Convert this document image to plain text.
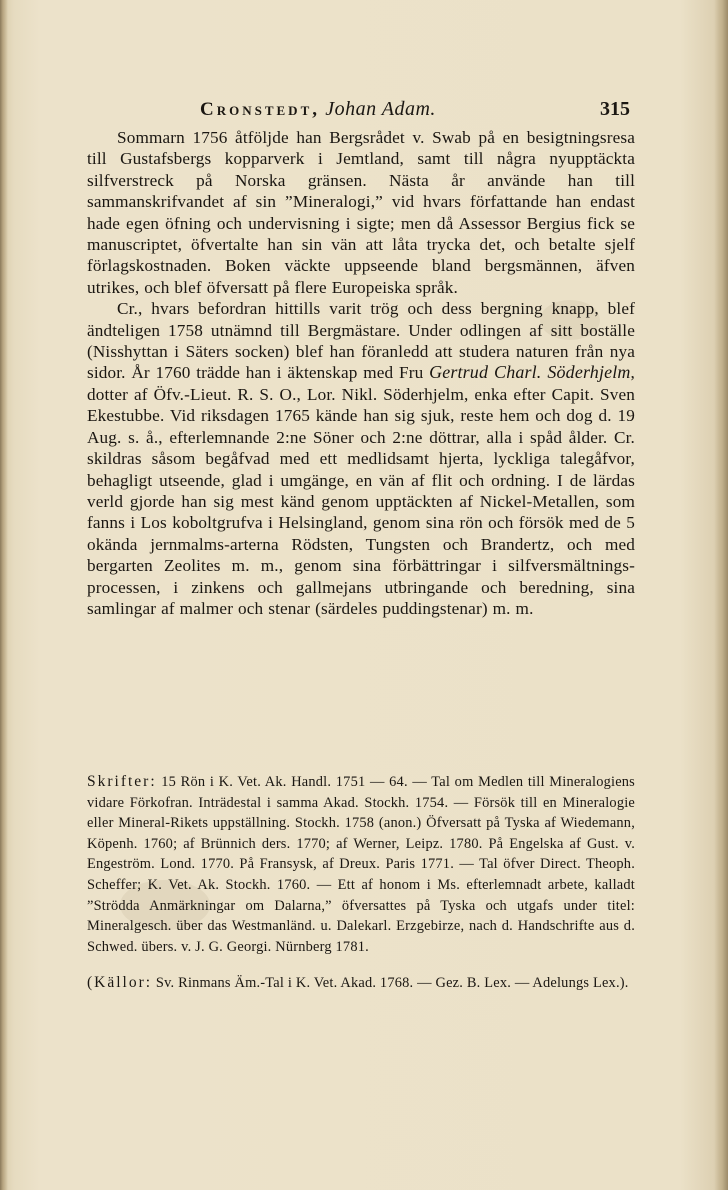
Cronstedt, Johan Adam.	315

Sommarn 1756 åtföljde han Bergsrådet v. Swab på en besigtningsresa till Gustafsbergs kopparverk i Jemtland, samt till några nyupptäckta silfverstreck på Norska gränsen. Nästa år använde han till sammanskrifvandet af sin ”Mineralogi,” vid hvars författande han endast hade egen öfning och undervisning i sigte; men då Assessor Bergius fick se manuscriptet, öfvertalte han sin vän att låta trycka det, och betalte sjelf förlagskostnaden. Boken väckte uppseende bland bergsmännen, äfven utrikes, och blef öfversatt på flere Europeiska språk.

Cr., hvars befordran hittills varit trög och dess bergning knapp, blef ändteligen 1758 utnämnd till Bergmästare. Under odlingen af sitt boställe (Nisshyttan i Säters socken) blef han föranledd att studera naturen från nya sidor. År 1760 trädde han i äktenskap med Fru Gertrud Charl. Söderhjelm, dotter af Öfv.-Lieut. R. S. O., Lor. Nikl. Söderhjelm, enka efter Capit. Sven Ekestubbe. Vid riksdagen 1765 kände han sig sjuk, reste hem och dog d. 19 Aug. s. å., efterlemnande 2:ne Söner och 2:ne döttrar, alla i spåd ålder. Cr. skildras såsom begåfvad med ett medlidsamt hjerta, lyckliga talegåfvor, behagligt utseende, glad i umgänge, en vän af flit och ordning. I de lärdas verld gjorde han sig mest känd genom upptäckten af Nickel-Metallen, som fanns i Los koboltgrufva i Helsingland, genom sina rön och försök med de 5 okända jernmalms-arterna Rödsten, Tungsten och Brandertz, och med bergarten Zeolites m. m., genom sina förbättringar i silfversmältnings-processen, i zinkens och gallmejans utbringande och beredning, sina samlingar af malmer och stenar (särdeles puddingstenar) m. m.

Skrifter: 15 Rön i K. Vet. Ak. Handl. 1751 — 64. — Tal om Medlen till Mineralogiens vidare Förkofran. Inträdestal i samma Akad. Stockh. 1754. — Försök till en Mineralogie eller Mineral-Rikets uppställning. Stockh. 1758 (anon.) Öfversatt på Tyska af Wiedemann, Köpenh. 1760; af Brünnich ders. 1770; af Werner, Leipz. 1780. På Engelska af Gust. v. Engeström. Lond. 1770. På Fransysk, af Dreux. Paris 1771. — Tal öfver Direct. Theoph. Scheffer; K. Vet. Ak. Stockh. 1760. — Ett af honom i Ms. efterlemnadt arbete, kalladt ”Strödda Anmärkningar om Dalarna,” öfversattes på Tyska och utgafs under titel: Mineralgesch. über das Westmanländ. u. Dalekarl. Erzgebirze, nach d. Handschrifte aus d. Schwed. übers. v. J. G. Georgi. Nürnberg 1781.

(Källor: Sv. Rinmans Äm.-Tal i K. Vet. Akad. 1768. — Gez. B. Lex. — Adelungs Lex.).
